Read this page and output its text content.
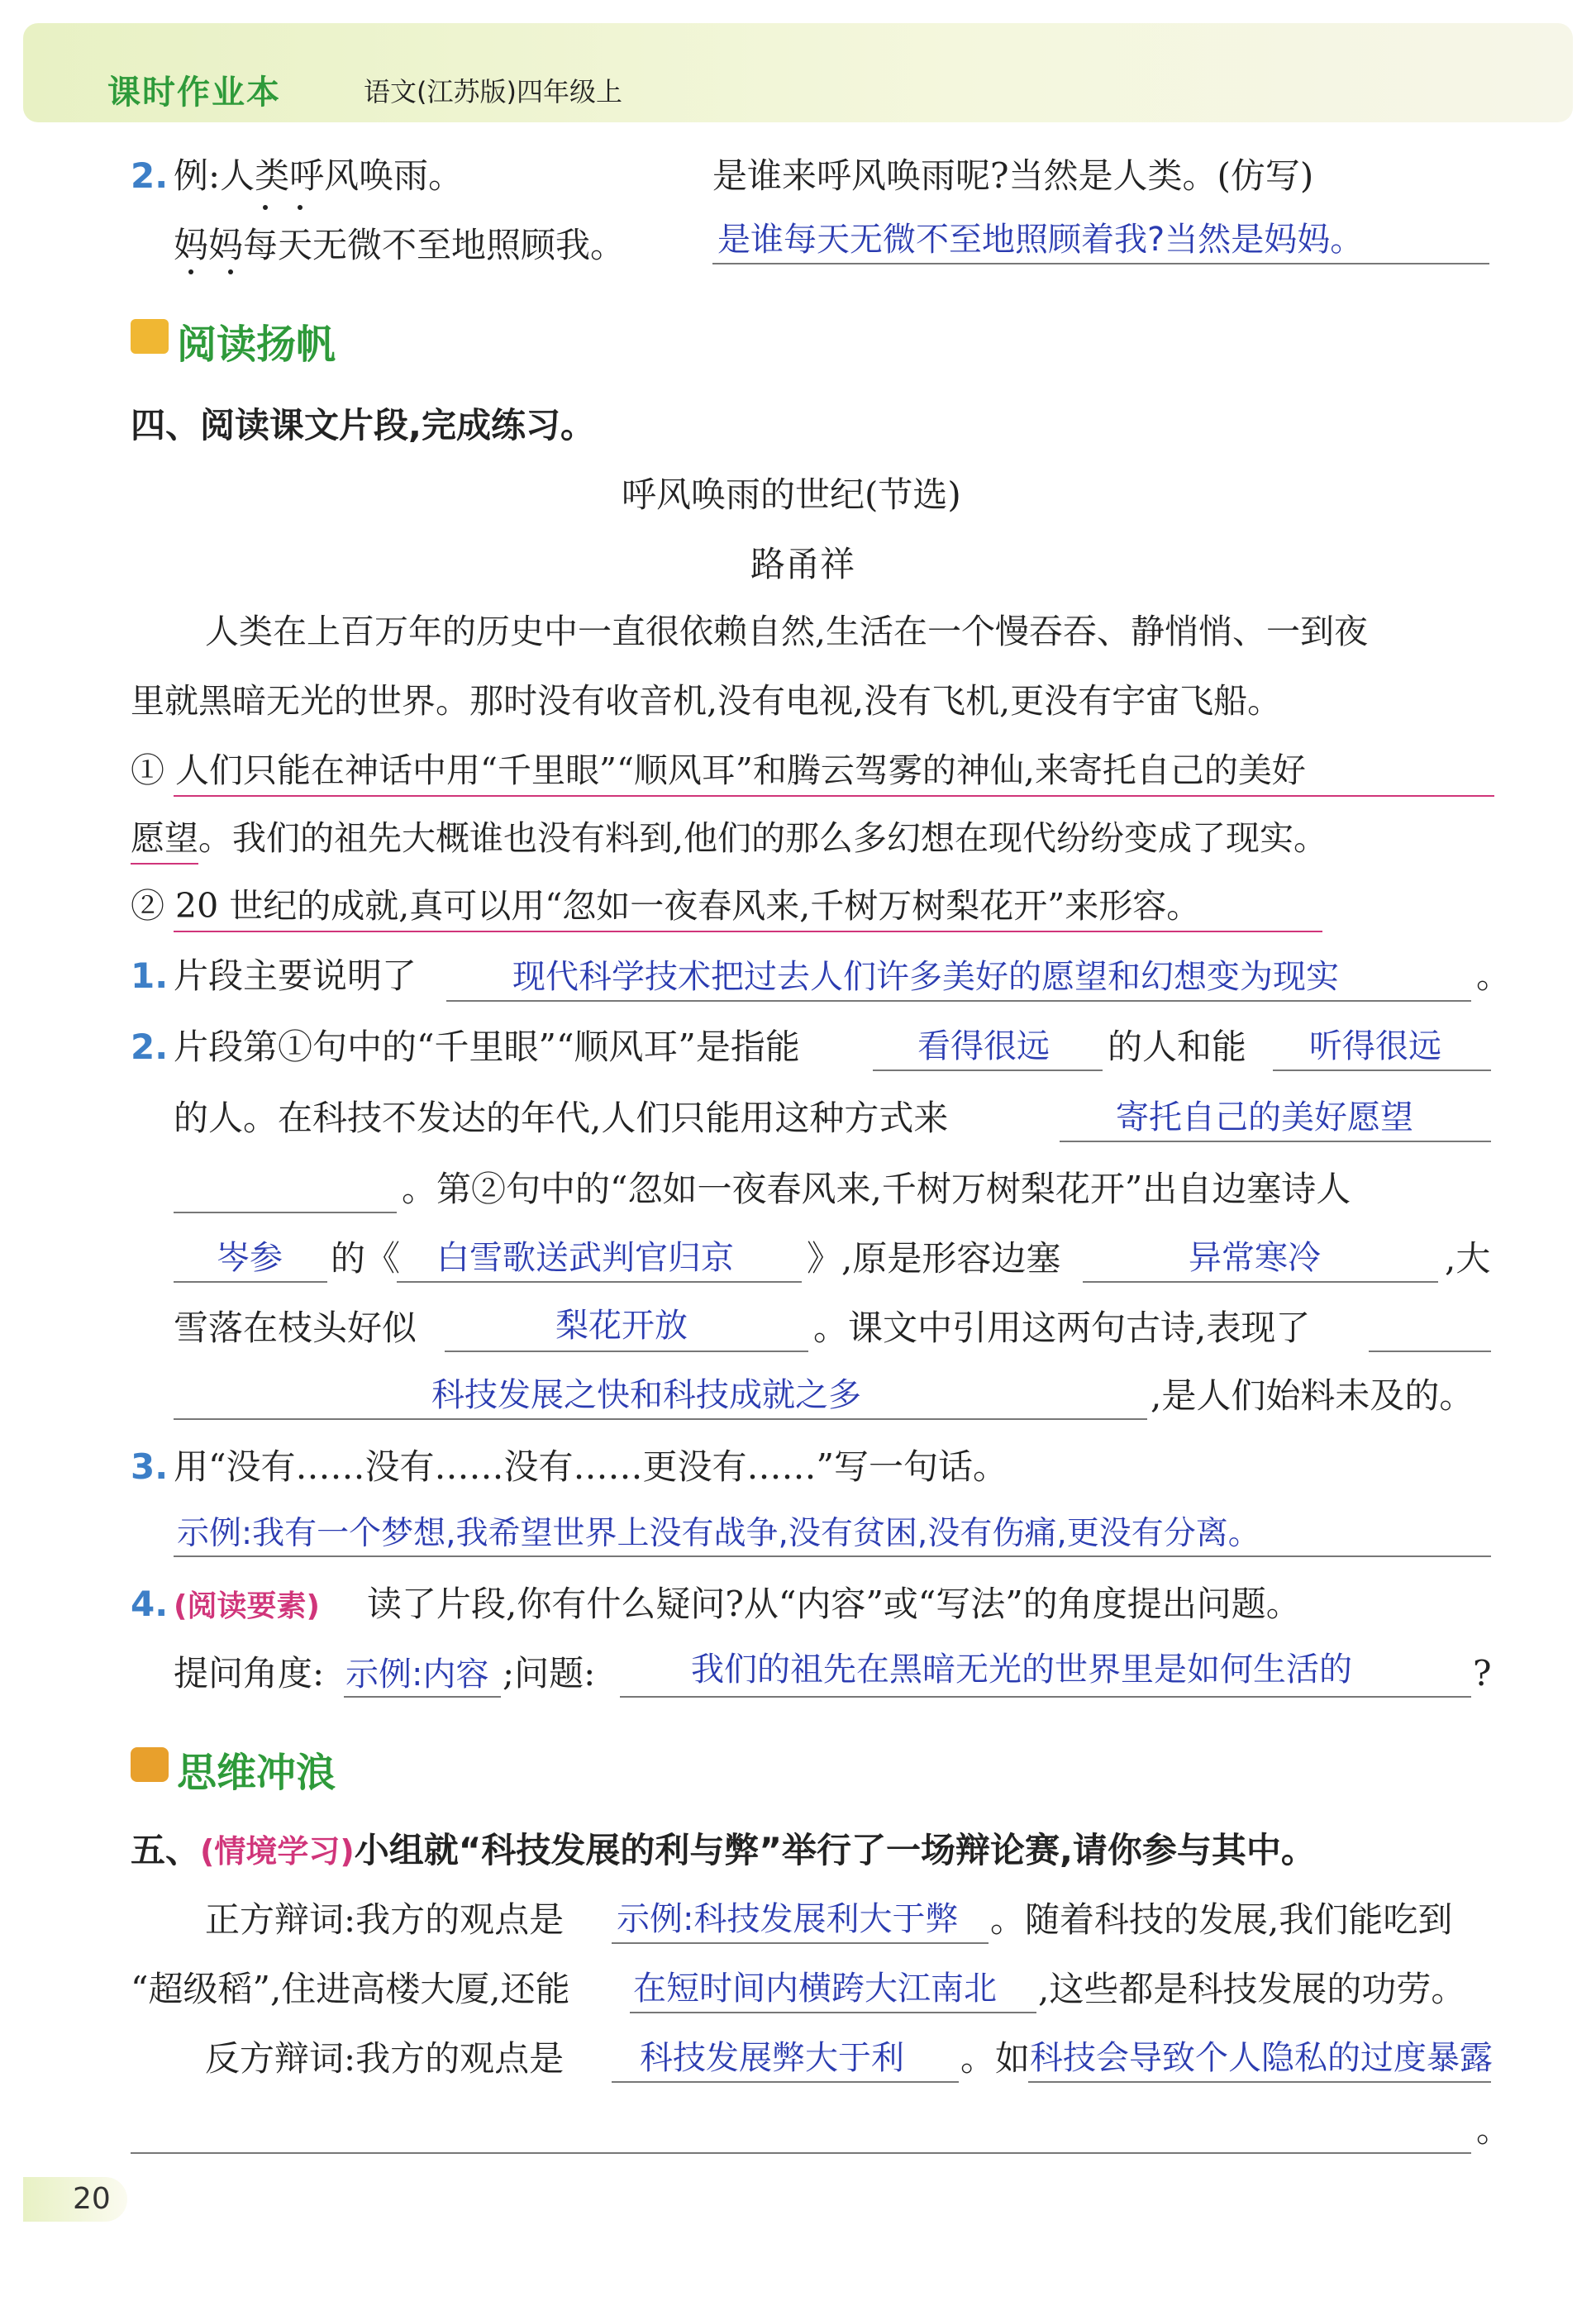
课时作业本	语文(江苏版)四年级上
2. 例:人类呼风唤雨。	是谁来呼风唤雨呢?当然是人类。(仿写)
妈妈每天无微不至地照顾我。	是谁每天无微不至地照顾着我?当然是妈妈。
阅读扬帆
四、阅读课文片段,完成练习。
呼风唤雨的世纪(节选)
路甬祥
人类在上百万年的历史中一直很依赖自然,生活在一个慢吞吞、静悄悄、一到夜
里就黑暗无光的世界。那时没有收音机,没有电视,没有飞机,更没有宇宙飞船。
① 人们只能在神话中用“千里眼”“顺风耳”和腾云驾雾的神仙,来寄托自己的美好
愿望。我们的祖先大概谁也没有料到,他们的那么多幻想在现代纷纷变成了现实。
② 20 世纪的成就,真可以用“忽如一夜春风来,千树万树梨花开”来形容。
1. 片段主要说明了	现代科学技术把过去人们许多美好的愿望和幻想变为现实	。
2. 片段第①句中的“千里眼”“顺风耳”是指能	看得很远 的人和能 听得很远
的人。在科技不发达的年代,人们只能用这种方式来	寄托自己的美好愿望
。第②句中的“忽如一夜春风来,千树万树梨花开”出自边塞诗人
岑参 的《 白雪歌送武判官归京 》,原是形容边塞	异常寒冷	,大
雪落在枝头好似	梨花开放	。课文中引用这两句古诗,表现了
科技发展之快和科技成就之多	,是人们始料未及的。
3. 用“没有……没有……没有……更没有……”写一句话。
示例:我有一个梦想,我希望世界上没有战争,没有贫困,没有伤痛,更没有分离。
4. (阅读要素) 读了片段,你有什么疑问?从“内容”或“写法”的角度提出问题。
提问角度: 示例:内容 ;问题:	我们的祖先在黑暗无光的世界里是如何生活的	?
思维冲浪
五、(情境学习)小组就“科技发展的利与弊”举行了一场辩论赛,请你参与其中。
正方辩词:我方的观点是 示例:科技发展利大于弊 。随着科技的发展,我们能吃到
“超级稻”,住进高楼大厦,还能 在短时间内横跨大江南北 ,这些都是科技发展的功劳。
反方辩词:我方的观点是 科技发展弊大于利 。如 科技会导致个人隐私的过度暴露
。
20
